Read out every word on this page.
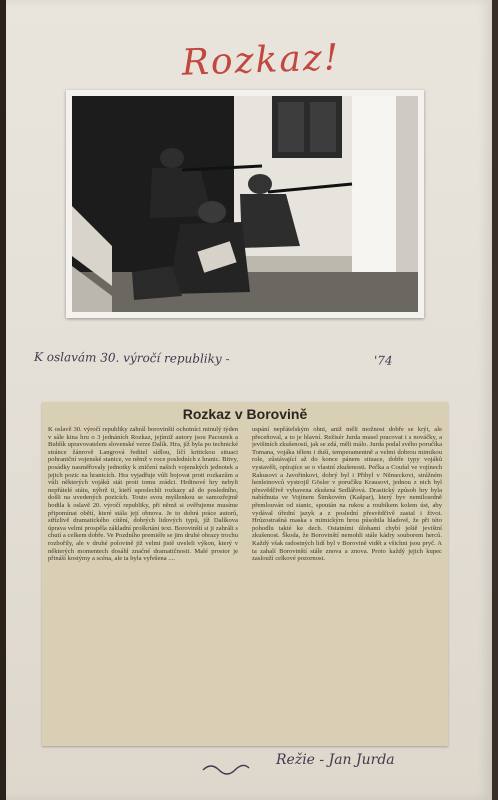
Rozkaz!
K oslavám 30. výročí republiky -	'74
Rozkaz v Borovině
K oslavě 30. výročí republiky zahrál borovinští ochotníci minulý týden v sále kina hru o 3 jednáních Rozkaz, jejímiž autory jsou Pacourek a Bublík upravovatelem slovenské verze Dalík. Hra, jíž byla po technické stránce žánrově Langrová ředitel sídlou, líčí kritickou situaci pohraniční vojenské stanice, ve němž v roce posledních z hranic. Bitvy, posádky nasměřovaly jednotky k zničení našich vojenských jednotek a jejich pozic na hranicích. Hra vyjadřuje vůli bojovat proti rozkazům a vůli některých vojáků stát proti tomu zrádci. Hrdinové hry nebyli nepřátelé státu, nýbrž ti, kteří uposlechli rozkazy až do posledního, došli na uvedených pozicích. Touto svou myšlenkou se samozřejmě hodila k oslavě 20. výročí republiky, při němž si ověřujeme musíme připomínat obětí, které stála její obnova. Je to dobrá práce autorů, střízlivě dramatického cítění, dobrých lidových typů, jíž Dalíkova úprava velmi prospěla základní proškrtání text. Borovinští si ji zahráli s chutí a celkem dobře. Ve Pozdního premiéře se jim druhé obrazy trochu rozbořily, ale v druhé polovině již velmi jistě uveleli výkon, který v některých momentech dosáhl značné dramatičnosti. Malé prostor je přináší kostýmy a scéna, ale ta byla vyřešena ....
uspání nepřátelským ohni, aniž měli možnost dobře se krýt, ale přeceňoval, a to je hlavní. Režisér Jurda musel pracovat i s nováčky, a jevištních zkušeností, jak se zdá, měli málo. Jurda podal svého poručíka Tomana, vojáka tělem i duší, temperamentně a velmi dobrou mimikou role, zůstávající až do konce pánem situace, dobře typy vojáků vystavěli, opírajíce se o vlastní zkušenosti. Pečka a Coufal ve vojínech Rakusovi a Javořinkovi, dobrý byl i Přibyl v Německovi, strážném henleinovců vystrojil Gösler v poručíku Krausovi, jednou z nich byl přesvědčivě vybavena zkušená Sedlářová. Drastický způsob hry byla nabídnuta ve Vojínem Šimkovém (Kašpar), který byv nemilosrdně přemlouván od stanic, spoután na rukou a roubíkem kolem úst, aby vydával úřední jazyk a z poslední přesvědčivě zastal i život. Hrůzostrašná maska s mimickým hrou působila hladově, že při této pohodlu takté ke dech. Ostatními úlohami chybí ještě jevištní zkušenost. Škoda, že Borovinští nemohli stále kádry souborem herců. Každý však radostných lidí byl v Borovině vidět a všichni jsou pryč. A ta zahalí Borovinští stále znova a znova. Proto každý jejich kupec zaslouží celkové pozornost.
Režie - Jan Jurda
